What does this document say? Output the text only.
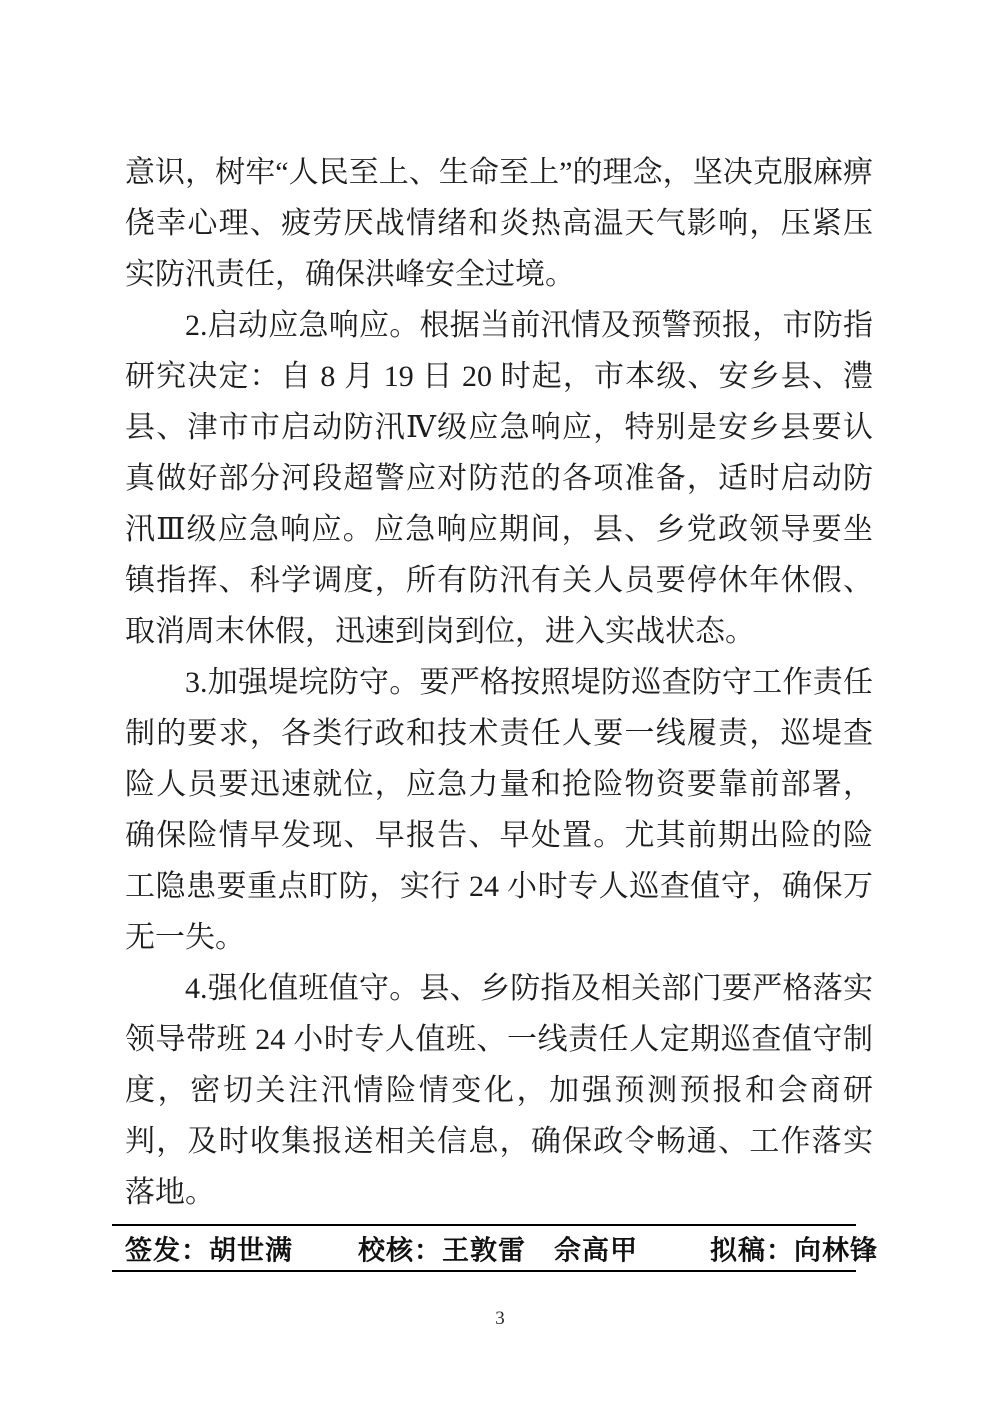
意识，树牢“人民至上、生命至上”的理念，坚决克服麻痹侥幸心理、疲劳厌战情绪和炎热高温天气影响，压紧压实防汛责任，确保洪峰安全过境。

2.启动应急响应。根据当前汛情及预警预报，市防指研究决定：自 8 月 19 日 20 时起，市本级、安乡县、澧县、津市市启动防汛Ⅳ级应急响应，特别是安乡县要认真做好部分河段超警应对防范的各项准备，适时启动防汛Ⅲ级应急响应。应急响应期间，县、乡党政领导要坐镇指挥、科学调度，所有防汛有关人员要停休年休假、取消周末休假，迅速到岗到位，进入实战状态。

3.加强堤垸防守。要严格按照堤防巡查防守工作责任制的要求，各类行政和技术责任人要一线履责，巡堤查险人员要迅速就位，应急力量和抢险物资要靠前部署，确保险情早发现、早报告、早处置。尤其前期出险的险工隐患要重点盯防，实行 24 小时专人巡查值守，确保万无一失。

4.强化值班值守。县、乡防指及相关部门要严格落实领导带班 24 小时专人值班、一线责任人定期巡查值守制度，密切关注汛情险情变化，加强预测预报和会商研判，及时收集报送相关信息，确保政令畅通、工作落实落地。

签发：胡世满 校核：王敦雷　佘高甲	拟稿：向林锋
3
